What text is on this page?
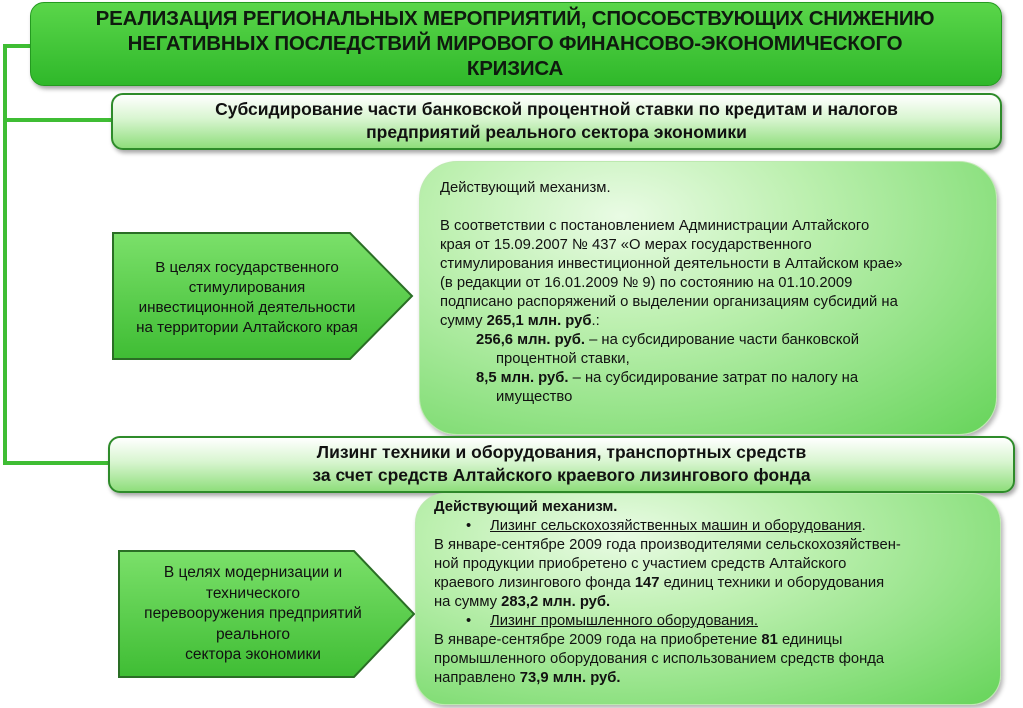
РЕАЛИЗАЦИЯ РЕГИОНАЛЬНЫХ МЕРОПРИЯТИЙ, СПОСОБСТВУЮЩИХ СНИЖЕНИЮ
НЕГАТИВНЫХ ПОСЛЕДСТВИЙ МИРОВОГО ФИНАНСОВО-ЭКОНОМИЧЕСКОГО
КРИЗИСА
Субсидирование части банковской процентной ставки по кредитам и налогов
предприятий реального сектора экономики
В целях государственного
стимулирования
инвестиционной деятельности
на территории Алтайского края

Действующий механизм.

В соответствии с постановлением Администрации Алтайского

края от 15.09.2007 № 437 «О мерах государственного

стимулирования инвестиционной деятельности в Алтайском крае»

(в редакции от 16.01.2009 № 9) по состоянию на 01.10.2009

подписано распоряжений о выделении организациям субсидий на

сумму 265,1 млн. руб.:

256,6 млн. руб. – на субсидирование части банковской

процентной ставки,

8,5 млн. руб. – на субсидирование затрат по налогу на

имущество

Лизинг техники и оборудования, транспортных средств
за счет средств Алтайского краевого лизингового фонда
В целях модернизации и
технического
перевооружения предприятий
реального
сектора экономики

Действующий механизм.

• Лизинг сельскохозяйственных машин и оборудования.

В январе-сентябре 2009 года производителями сельскохозяйствен-

ной продукции приобретено с участием средств Алтайского

краевого лизингового фонда 147 единиц техники и оборудования

на сумму 283,2 млн. руб.

• Лизинг промышленного оборудования.

В январе-сентябре 2009 года на приобретение 81 единицы

промышленного оборудования с использованием средств фонда

направлено 73,9 млн. руб.
